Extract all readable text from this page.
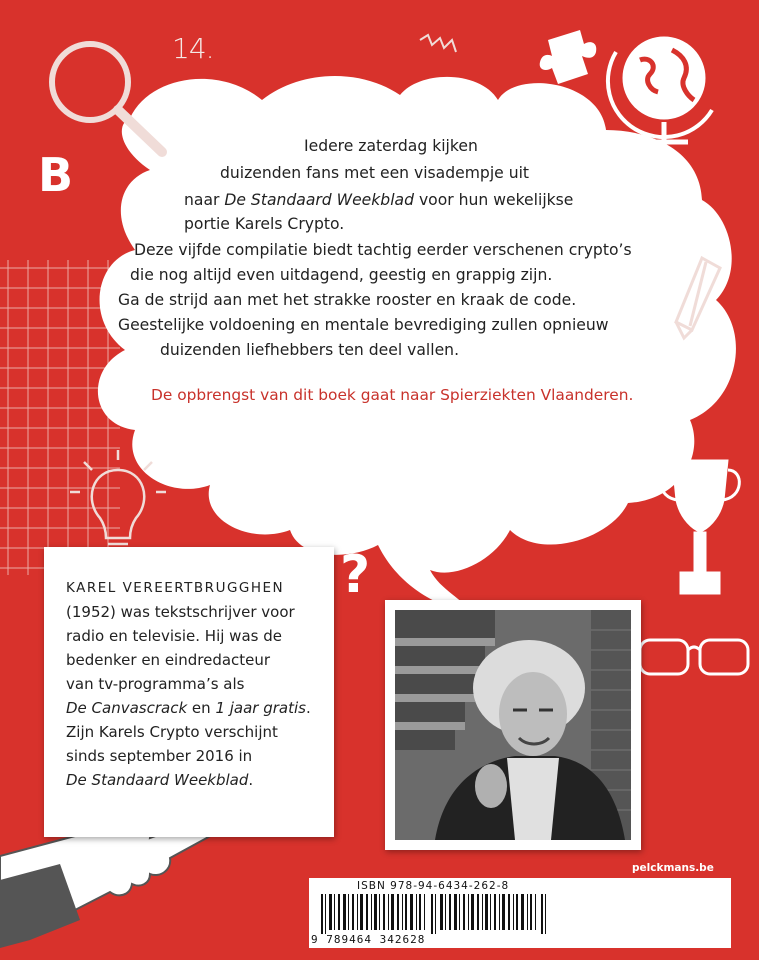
14.
B
?
Iedere zaterdag kijken
duizenden fans met een visadempje uit
naar De Standaard Weekblad voor hun wekelijkse
portie Karels Crypto.
Deze vijfde compilatie biedt tachtig eerder verschenen crypto’s
die nog altijd even uitdagend, geestig en grappig zijn.
Ga de strijd aan met het strakke rooster en kraak de code.
Geestelijke voldoening en mentale bevrediging zullen opnieuw
duizenden liefhebbers ten deel vallen.
De opbrengst van dit boek gaat naar Spierziekten Vlaanderen.
KAREL VEREERTBRUGGHEN
(1952) was tekstschrijver voor
radio en televisie. Hij was de
bedenker en eindredacteur
van tv-programma’s als
De Canvascrack en 1 jaar gratis.
Zijn Karels Crypto verschijnt
sinds september 2016 in
De Standaard Weekblad.
pelckmans.be
ISBN 978-94-6434-262-8
9 789464 342628
